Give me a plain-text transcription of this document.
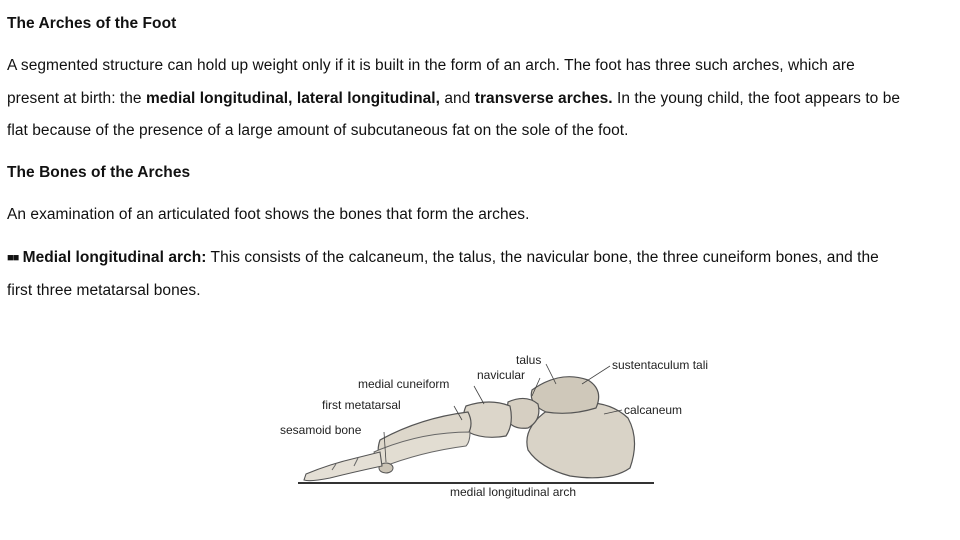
The Arches of the Foot
A segmented structure can hold up weight only if it is built in the form of an arch. The foot has three such arches, which are
present at birth: the medial longitudinal, lateral longitudinal, and transverse arches. In the young child, the foot appears to be
flat because of the presence of a large amount of subcutaneous fat on the sole of the foot.
The Bones of the Arches
An examination of an articulated foot shows the bones that form the arches.
■■ Medial longitudinal arch: This consists of the calcaneum, the talus, the navicular bone, the three cuneiform bones, and the
first three metatarsal bones.
talus
navicular
medial cuneiform
first metatarsal
sesamoid bone
sustentaculum tali
calcaneum
medial longitudinal arch
